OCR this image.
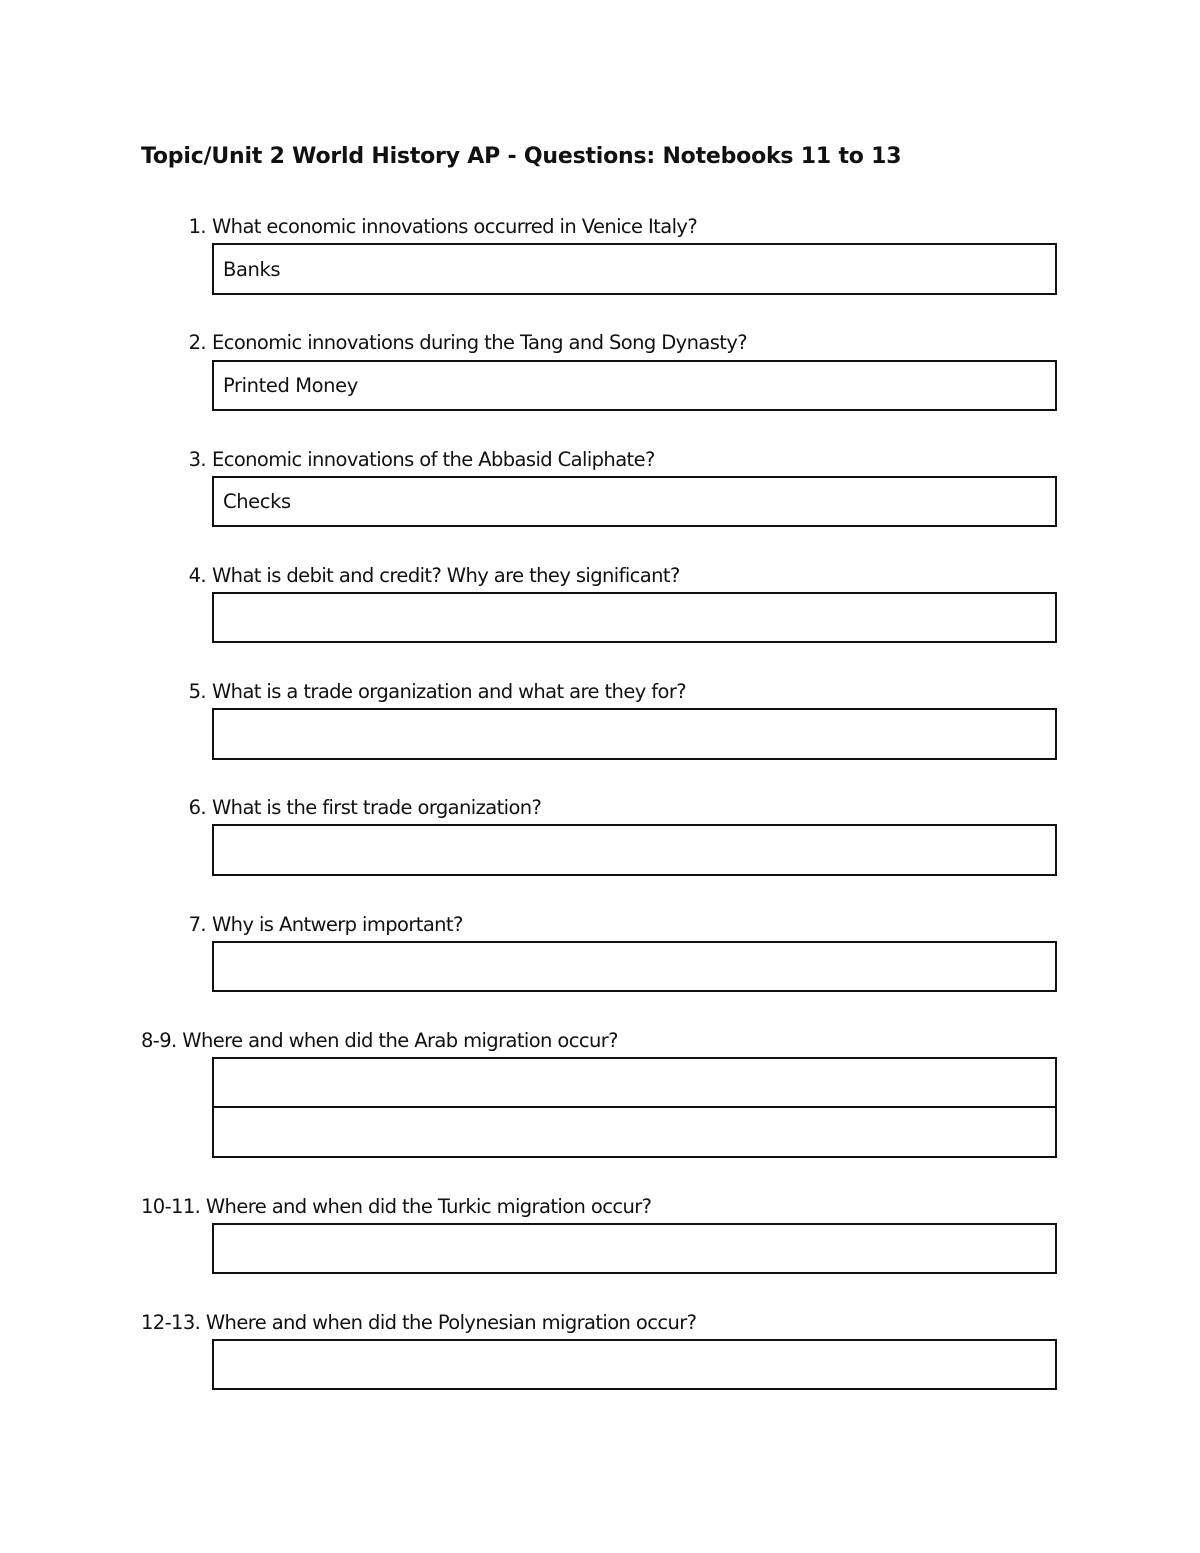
Topic/Unit 2 World History AP - Questions: Notebooks 11 to 13
1. What economic innovations occurred in Venice Italy?
Banks
2. Economic innovations during the Tang and Song Dynasty?
Printed Money
3. Economic innovations of the Abbasid Caliphate?
Checks
4. What is debit and credit? Why are they significant?
5. What is a trade organization and what are they for?
6. What is the first trade organization?
7. Why is Antwerp important?
8-9. Where and when did the Arab migration occur?
10-11. Where and when did the Turkic migration occur?
12-13. Where and when did the Polynesian migration occur?
